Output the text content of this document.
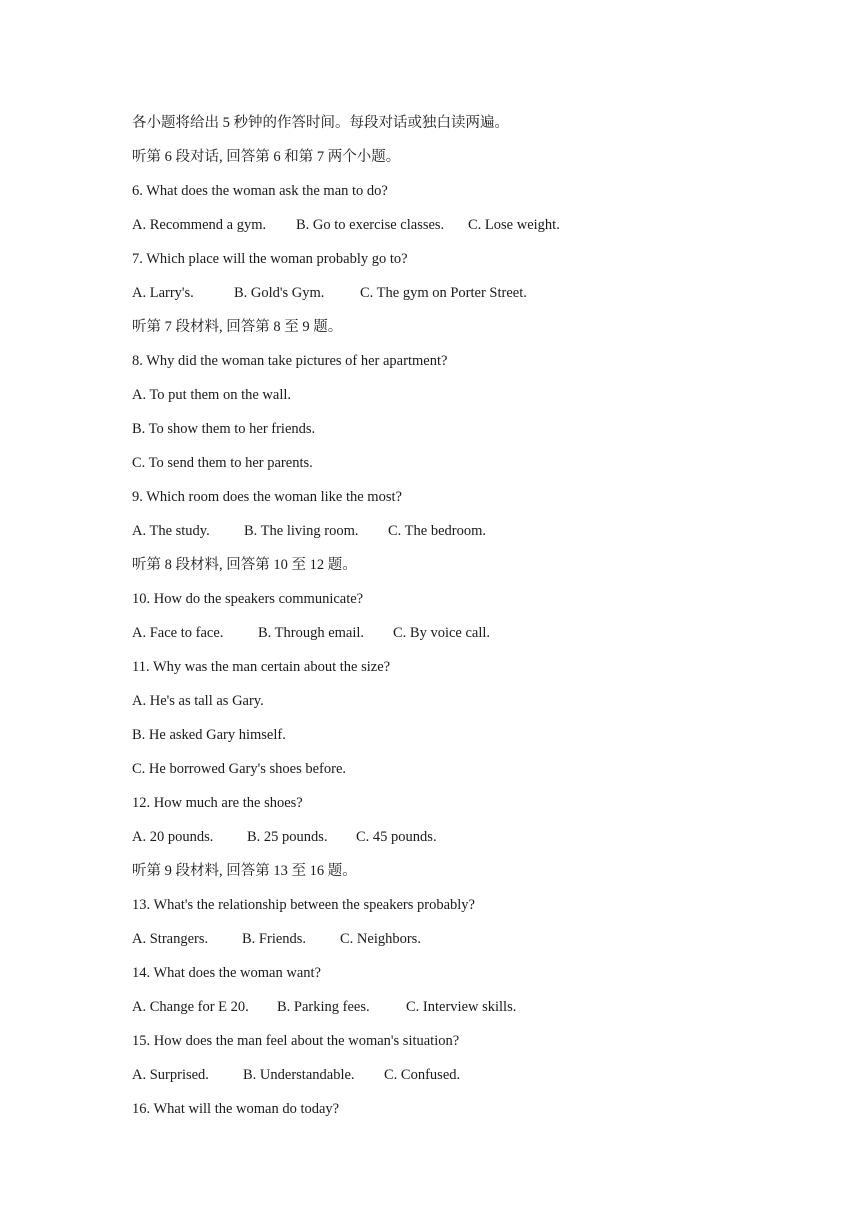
各小题将给出 5 秒钟的作答时间。每段对话或独白读两遍。
听第 6 段对话, 回答第 6 和第 7 两个小题。
6. What does the woman ask the man to do?
A. Recommend a gym. B. Go to exercise classes. C. Lose weight.
7. Which place will the woman probably go to?
A. Larry's.	B. Gold's Gym. C. The gym on Porter Street.
听第 7 段材料, 回答第 8 至 9 题。
8. Why did the woman take pictures of her apartment?
A. To put them on the wall.
B. To show them to her friends.
C. To send them to her parents.
9. Which room does the woman like the most?
A. The study. B. The living room. C. The bedroom.
听第 8 段材料, 回答第 10 至 12 题。
10. How do the speakers communicate?
A. Face to face. B. Through email. C. By voice call.
11. Why was the man certain about the size?
A. He's as tall as Gary.
B. He asked Gary himself.
C. He borrowed Gary's shoes before.
12. How much are the shoes?
A. 20 pounds. B. 25 pounds. C. 45 pounds.
听第 9 段材料, 回答第 13 至 16 题。
13. What's the relationship between the speakers probably?
A. Strangers. B. Friends. C. Neighbors.
14. What does the woman want?
A. Change for E 20. B. Parking fees.	C. Interview skills.
15. How does the man feel about the woman's situation?
A. Surprised. B. Understandable. C. Confused.
16. What will the woman do today?
